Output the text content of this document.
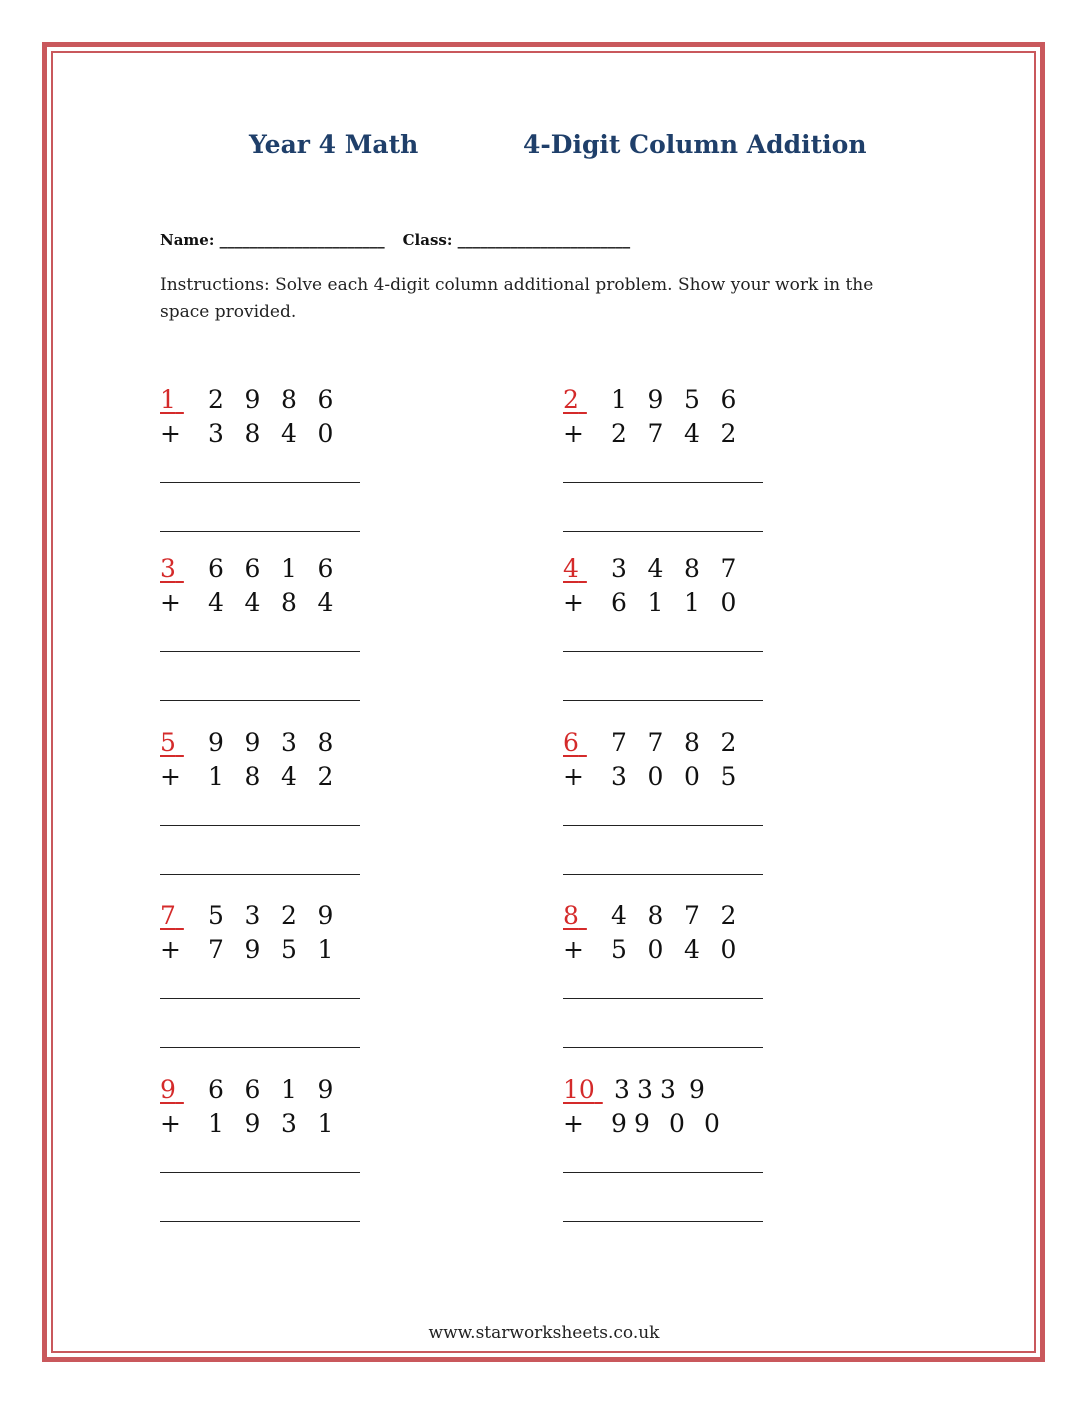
Year 4 Math	4-Digit Column Addition
Name: ______________________ Class: _______________________
Instructions: Solve each 4-digit column additional problem. Show your work in the space provided.
1	2 9 8 6
+ 3 8 4 0
2	1 9 5 6
+ 2 7 4 2
3	6 6 1 6
+ 4 4 8 4
4	3 4 8 7
+ 6 1 1 0
5	9 9 3 8
+ 1 8 4 2
6	7 7 8 2
+ 3 0 0 5
7	5 3 2 9
+ 7 9 5 1
8	4 8 7 2
+ 5 0 4 0
9	6 6 1 9
+ 1 9 3 1
10 3 3 3 9
+ 9 9 0 0
www.starworksheets.co.uk
